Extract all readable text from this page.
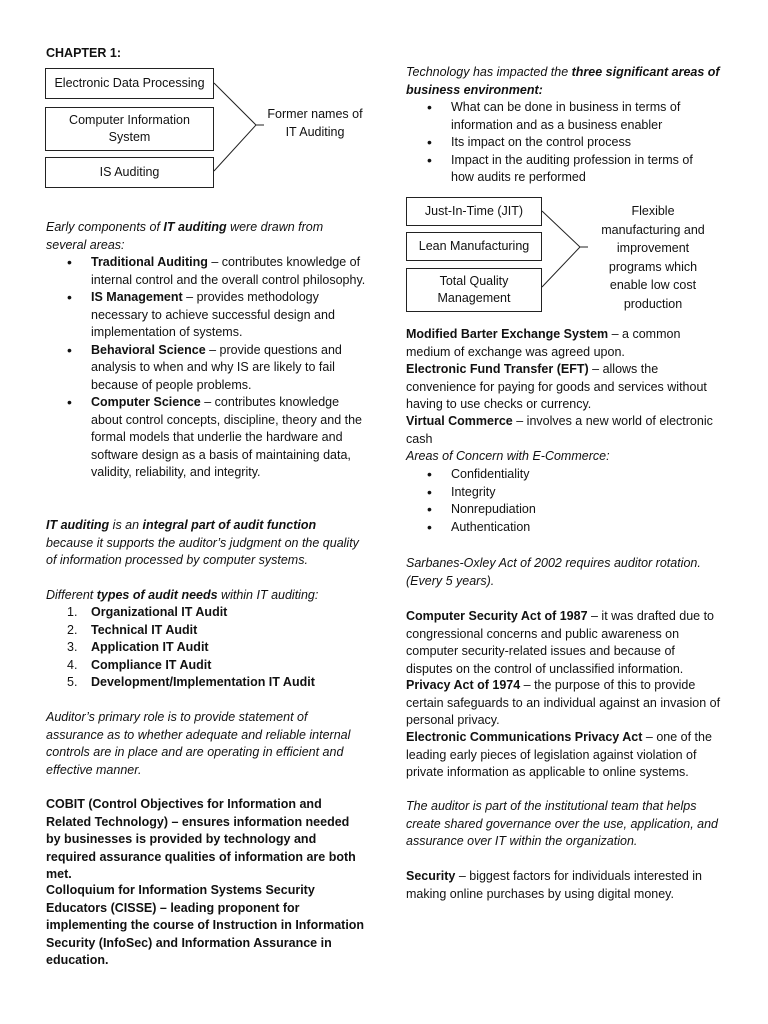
CHAPTER 1:
Electronic Data Processing
Computer Information System
IS Auditing
Former names of IT Auditing

Early components of IT auditing were drawn from several areas:

• Traditional Auditing – contributes knowledge of internal control and the overall control philosophy.
• IS Management – provides methodology necessary to achieve successful design and implementation of systems.
• Behavioral Science – provide questions and analysis to when and why IS are likely to fail because of people problems.
• Computer Science – contributes knowledge about control concepts, discipline, theory and the formal models that underlie the hardware and software design as a basis of maintaining data, validity, reliability, and integrity.

IT auditing is an integral part of audit function because it supports the auditor’s judgment on the quality of information processed by computer systems.

Different types of audit needs within IT auditing:

1. Organizational IT Audit
2. Technical IT Audit
3. Application IT Audit
4. Compliance IT Audit
5. Development/Implementation IT Audit

Auditor’s primary role is to provide statement of assurance as to whether adequate and reliable internal controls are in place and are operating in efficient and effective manner.

COBIT (Control Objectives for Information and Related Technology) – ensures information needed by businesses is provided by technology and required assurance qualities of information are both met.

Colloquium for Information Systems Security Educators (CISSE) – leading proponent for implementing the course of Instruction in Information Security (InfoSec) and Information Assurance in education.

Technology has impacted the three significant areas of business environment:

• What can be done in business in terms of information and as a business enabler
• Its impact on the control process
• Impact in the auditing profession in terms of how audits re performed
Just-In-Time (JIT)
Lean Manufacturing
Total Quality Management
Flexible manufacturing and improvement programs which enable low cost production

Modified Barter Exchange System – a common medium of exchange was agreed upon.

Electronic Fund Transfer (EFT) – allows the convenience for paying for goods and services without having to use checks or currency.

Virtual Commerce – involves a new world of electronic cash

Areas of Concern with E-Commerce:

• Confidentiality
• Integrity
• Nonrepudiation
• Authentication

Sarbanes-Oxley Act of 2002 requires auditor rotation. (Every 5 years).

Computer Security Act of 1987 – it was drafted due to congressional concerns and public awareness on computer security-related issues and because of disputes on the control of unclassified information.

Privacy Act of 1974 – the purpose of this to provide certain safeguards to an individual against an invasion of personal privacy.

Electronic Communications Privacy Act – one of the leading early pieces of legislation against violation of private information as applicable to online systems.

The auditor is part of the institutional team that helps create shared governance over the use, application, and assurance over IT within the organization.

Security – biggest factors for individuals interested in making online purchases by using digital money.
